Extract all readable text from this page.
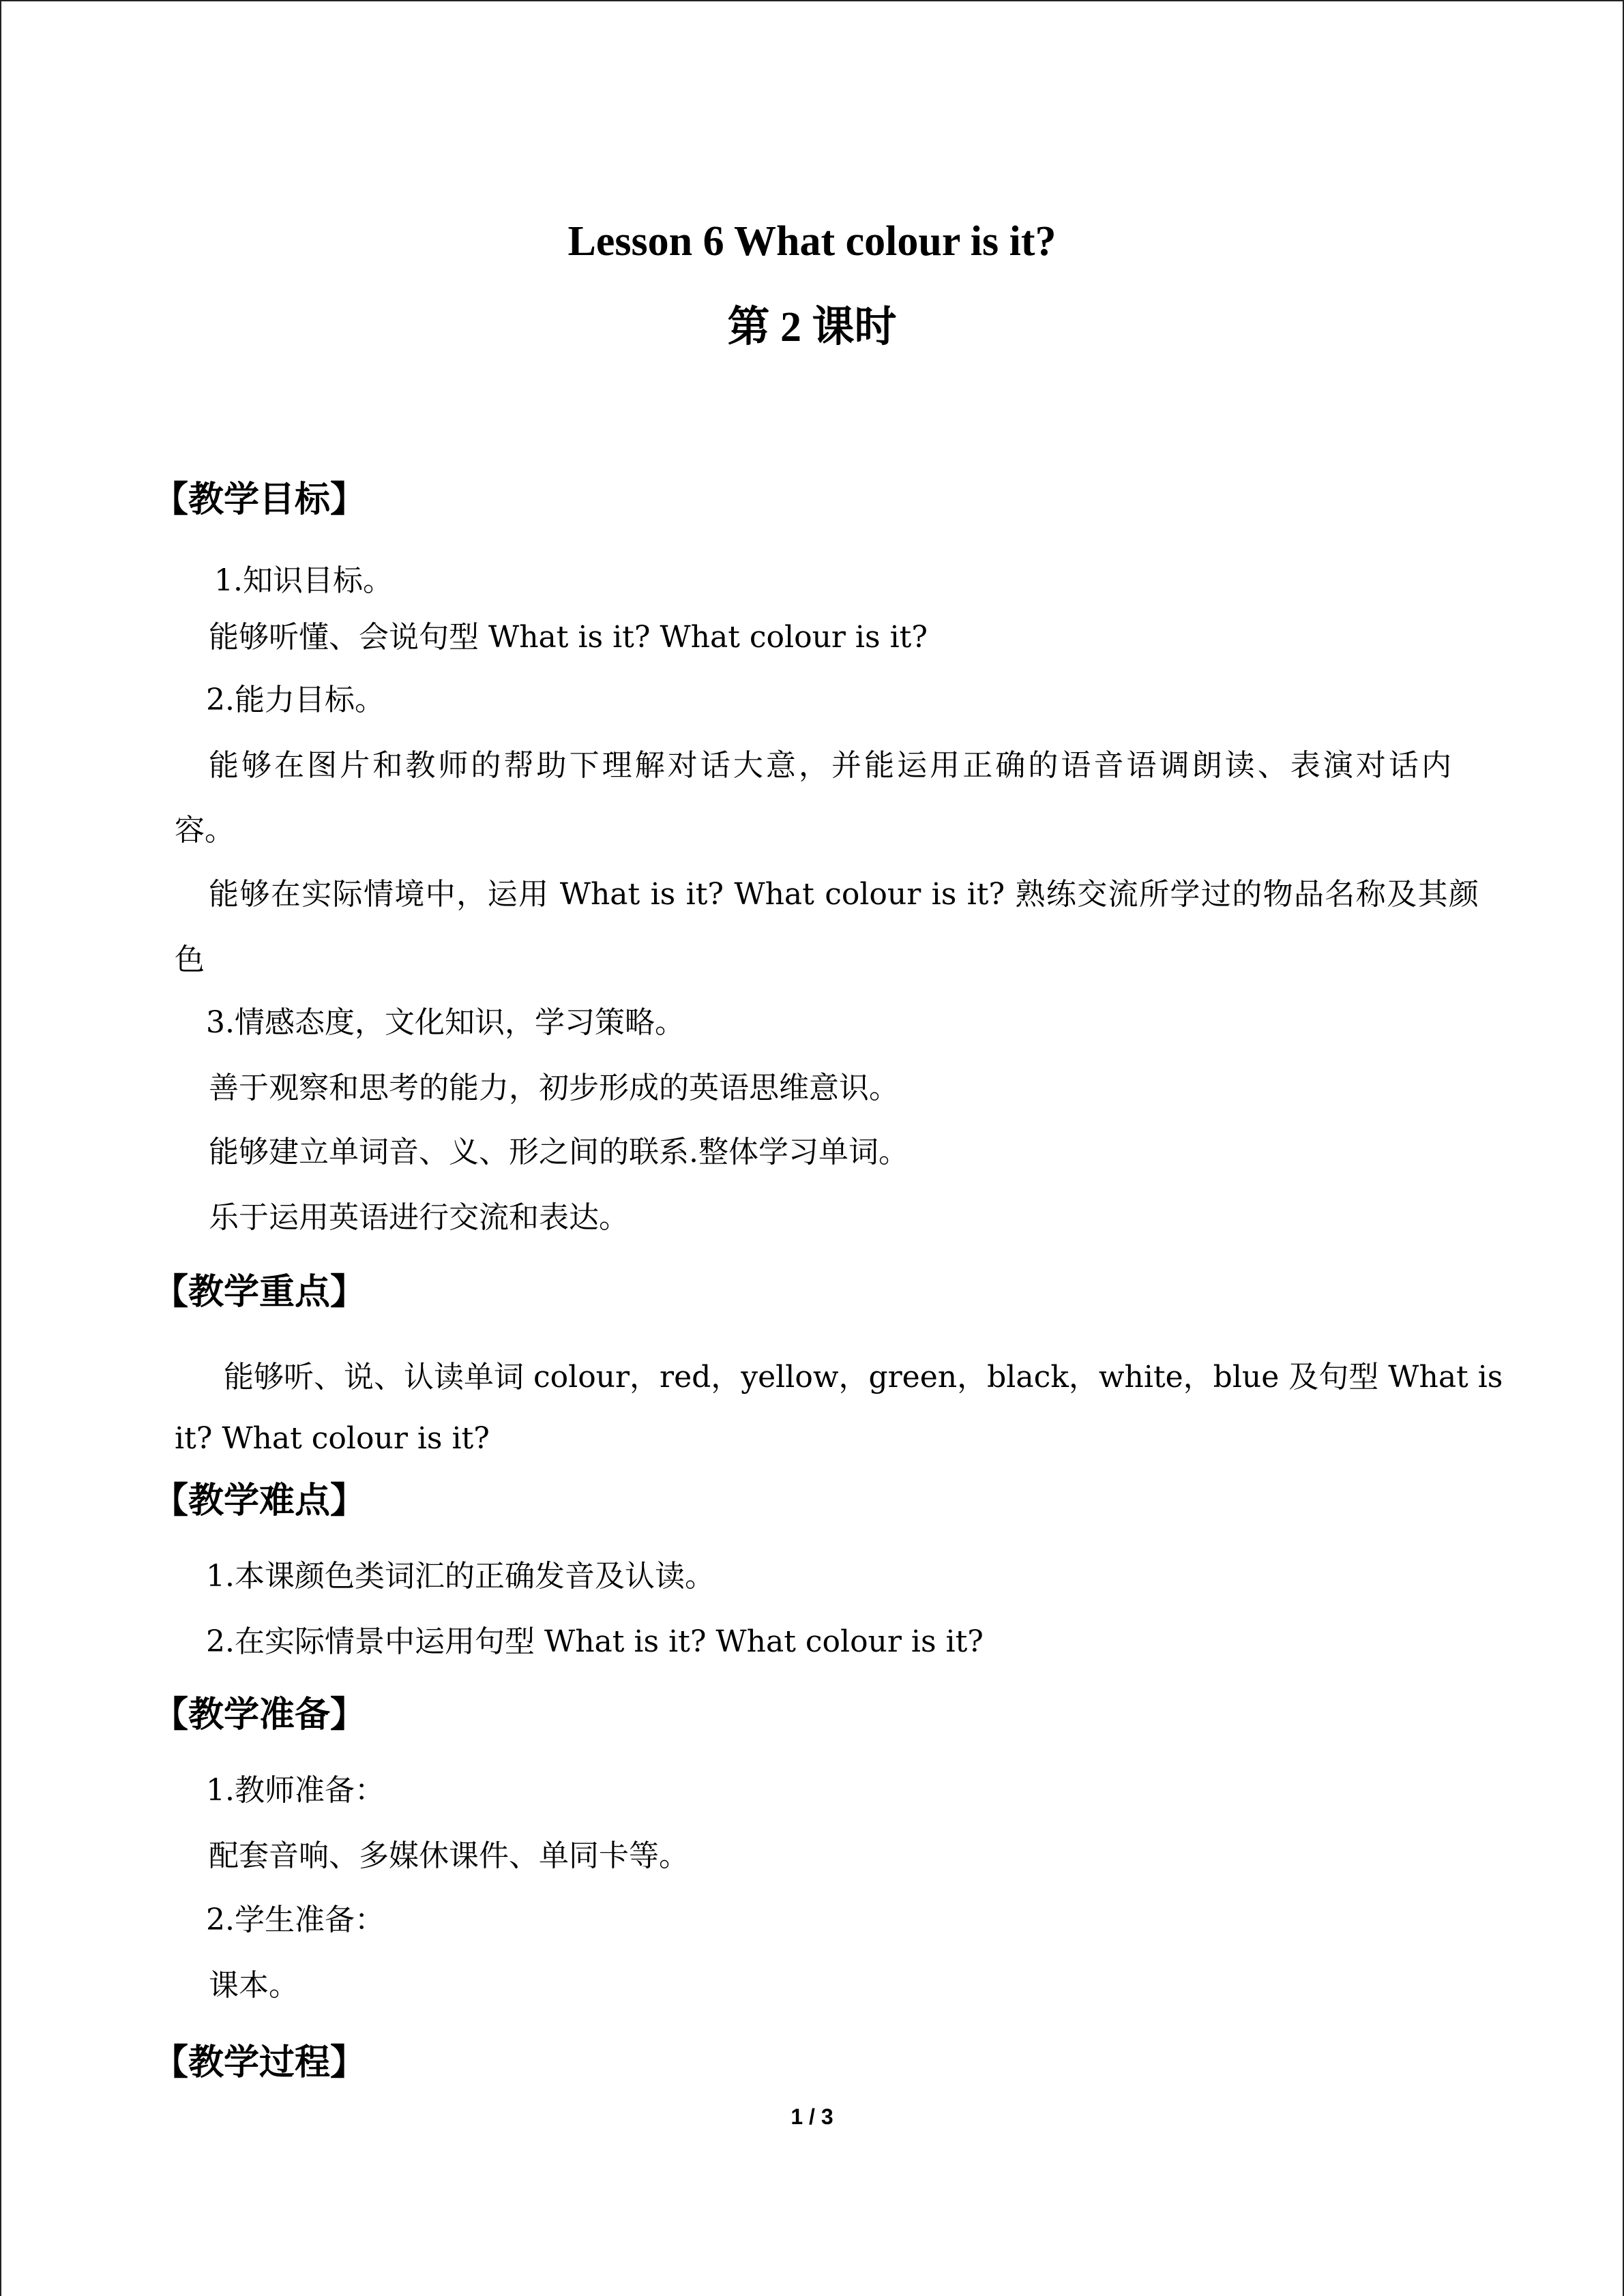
Lesson 6 What colour is it?
第 2 课时
【教学目标】
1.知识目标。
能够听懂、会说句型 What is it? What colour is it?
2.能力目标。
能够在图片和教师的帮助下理解对话大意，并能运用正确的语音语调朗读、表演对话内
容。
能够在实际情境中，运用 What is it? What colour is it? 熟练交流所学过的物品名称及其颜
色
3.情感态度，文化知识，学习策略。
善于观察和思考的能力，初步形成的英语思维意识。
能够建立单词音、义、形之间的联系.整体学习单词。
乐于运用英语进行交流和表达。
【教学重点】
能够听、说、认读单词 colour，red，yellow，green，black，white，blue 及句型 What is
it? What colour is it?
【教学难点】
1.本课颜色类词汇的正确发音及认读。
2.在实际情景中运用句型 What is it? What colour is it?
【教学准备】
1.教师准备：
配套音响、多媒休课件、单同卡等。
2.学生准备：
课本。
【教学过程】
1 / 3
